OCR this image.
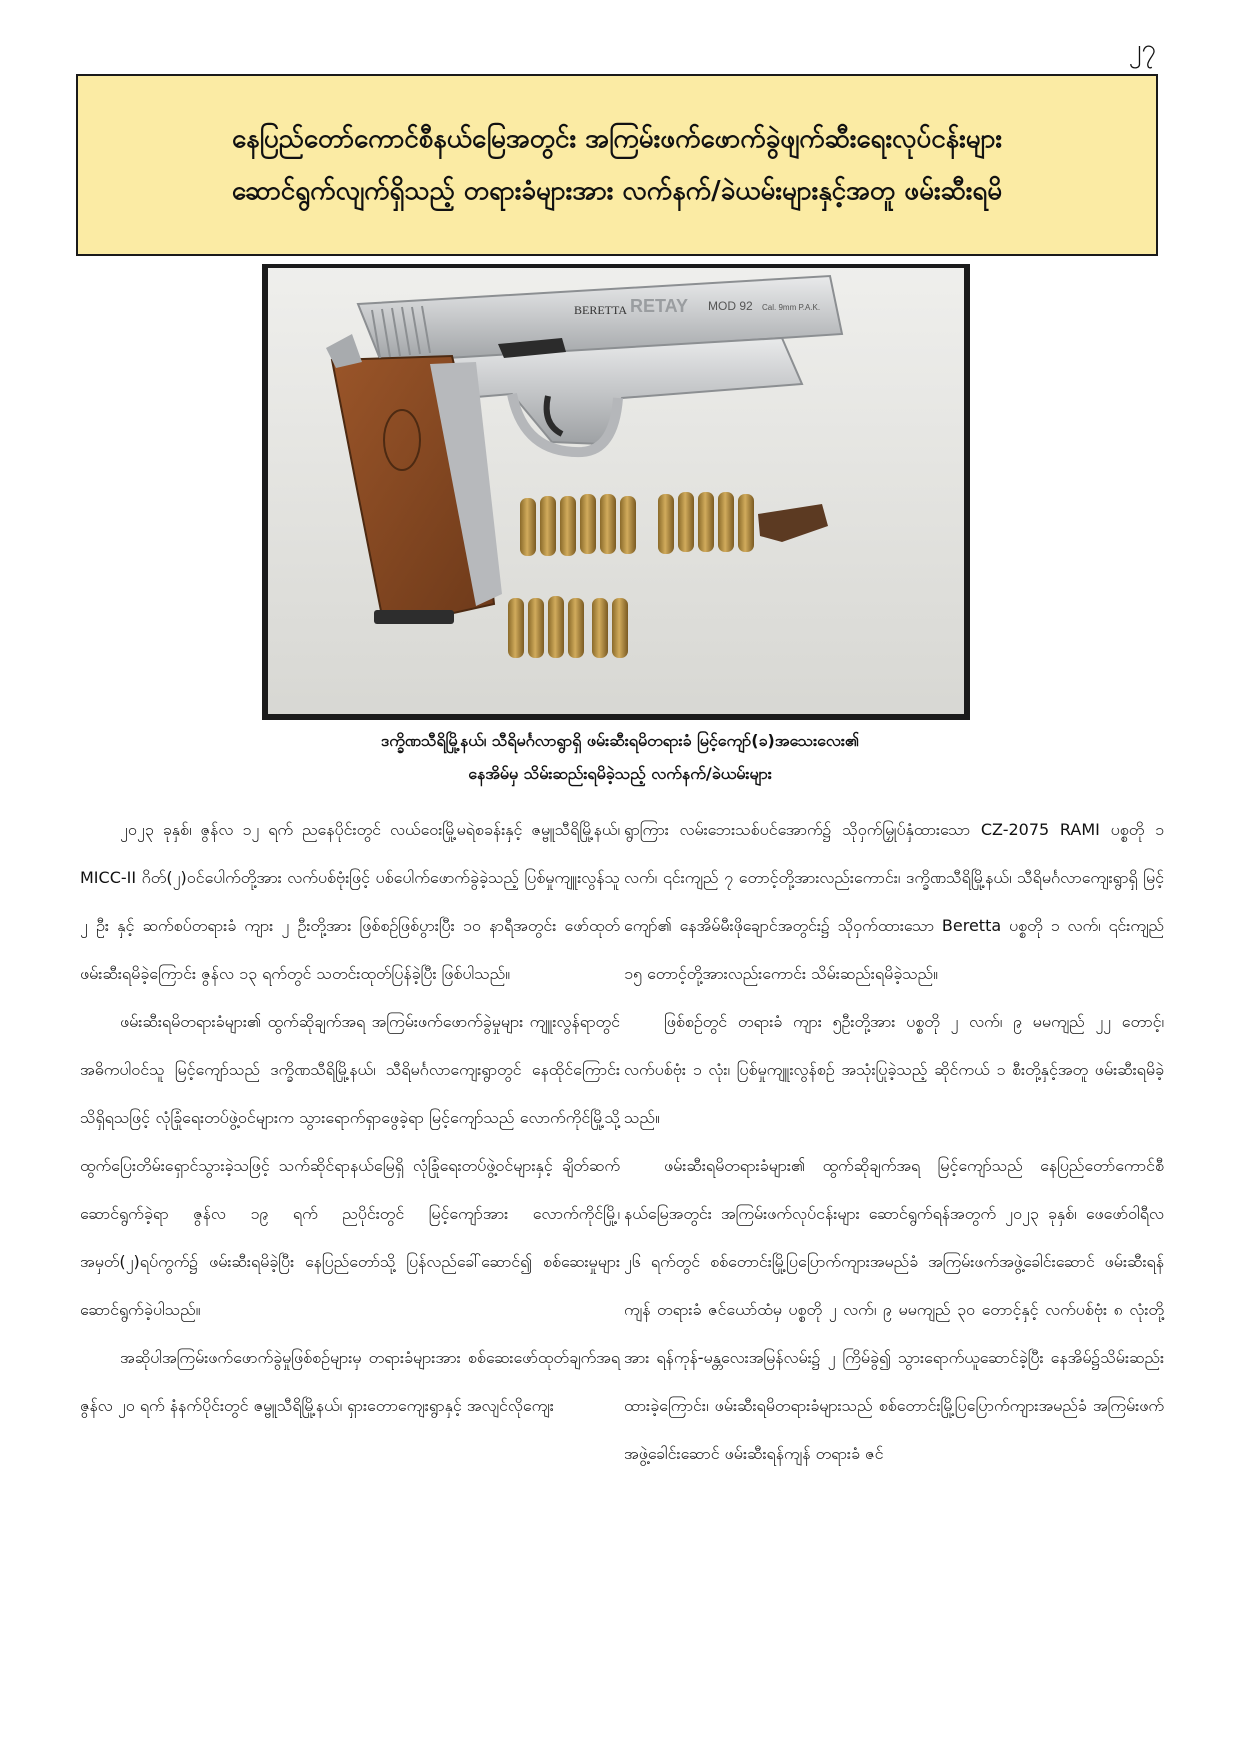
၂၇
နေပြည်တော်ကောင်စီနယ်မြေအတွင်း အကြမ်းဖက်ဖောက်ခွဲဖျက်ဆီးရေးလုပ်ငန်းများ
ဆောင်ရွက်လျက်ရှိသည့် တရားခံများအား လက်နက်/ခဲယမ်းများနှင့်အတူ ဖမ်းဆီးရမိ
BERETTA RETAY MOD 92 Cal. 9mm P.A.K.
ဒက္ခိဏသီရိမြို့နယ်၊ သီရိမင်္ဂလာရွာရှိ ဖမ်းဆီးရမိတရားခံ မြင့်ကျော်(ခ)အသေးလေး၏
နေအိမ်မှ သိမ်းဆည်းရမိခဲ့သည့် လက်နက်/ခဲယမ်းများ

၂၀၂၃ ခုနှစ်၊ ဇွန်လ ၁၂ ရက် ညနေပိုင်းတွင် လယ်ဝေးမြို့မရဲစခန်းနှင့် ဇမ္ဗူသီရိမြို့နယ်၊ MICC-II ဂိတ်(၂)ဝင်ပေါက်တို့အား လက်ပစ်ဗုံးဖြင့် ပစ်ပေါက်ဖောက်ခွဲခဲ့သည့် ပြစ်မှုကျူးလွန်သူ ၂ ဦး နှင့် ဆက်စပ်တရားခံ ကျား ၂ ဦးတို့အား ဖြစ်စဉ်ဖြစ်ပွားပြီး ၁၀ နာရီအတွင်း ဖော်ထုတ်ဖမ်းဆီးရမိခဲ့ကြောင်း ဇွန်လ ၁၃ ရက်တွင် သတင်းထုတ်ပြန်ခဲ့ပြီး ဖြစ်ပါသည်။

ဖမ်းဆီးရမိတရားခံများ၏ ထွက်ဆိုချက်အရ အကြမ်းဖက်ဖောက်ခွဲမှုများ ကျူးလွန်ရာတွင် အဓိကပါဝင်သူ မြင့်ကျော်သည် ဒက္ခိဏသီရိမြို့နယ်၊ သီရိမင်္ဂလာကျေးရွာတွင် နေထိုင်ကြောင်း သိရှိရသဖြင့် လုံခြုံရေးတပ်ဖွဲ့ဝင်များက သွားရောက်ရှာဖွေခဲ့ရာ မြင့်ကျော်သည် လောက်ကိုင်မြို့သို့ ထွက်ပြေးတိမ်းရှောင်သွားခဲ့သဖြင့် သက်ဆိုင်ရာနယ်မြေရှိ လုံခြုံရေးတပ်ဖွဲ့ဝင်များနှင့် ချိတ်ဆက်ဆောင်ရွက်ခဲ့ရာ ဇွန်လ ၁၉ ရက် ညပိုင်းတွင် မြင့်ကျော်အား လောက်ကိုင်မြို့၊ အမှတ်(၂)ရပ်ကွက်၌ ဖမ်းဆီးရမိခဲ့ပြီး နေပြည်တော်သို့ ပြန်လည်ခေါ်ဆောင်၍ စစ်ဆေးမှုများ ဆောင်ရွက်ခဲ့ပါသည်။

အဆိုပါအကြမ်းဖက်ဖောက်ခွဲမှုဖြစ်စဉ်များမှ တရားခံများအား စစ်ဆေးဖော်ထုတ်ချက်အရ ဇွန်လ ၂၀ ရက် နံနက်ပိုင်းတွင် ဇမ္ဗူသီရိမြို့နယ်၊ ရှားတောကျေးရွာနှင့် အလျင်လိုကျေး

ရွာကြား လမ်းဘေးသစ်ပင်အောက်၌ သိုဝှက်မြှုပ်နှံထားသော CZ-2075 RAMI ပစ္စတို ၁ လက်၊ ၎င်းကျည် ၇ တောင့်တို့အားလည်းကောင်း၊ ဒက္ခိဏသီရိမြို့နယ်၊ သီရိမင်္ဂလာကျေးရွာရှိ မြင့်ကျော်၏ နေအိမ်မီးဖိုချောင်အတွင်း၌ သိုဝှက်ထားသော Beretta ပစ္စတို ၁ လက်၊ ၎င်းကျည် ၁၅ တောင့်တို့အားလည်းကောင်း သိမ်းဆည်းရမိခဲ့သည်။

ဖြစ်စဉ်တွင် တရားခံ ကျား ၅ဦးတို့အား ပစ္စတို ၂ လက်၊ ၉ မမကျည် ၂၂ တောင့်၊ လက်ပစ်ဗုံး ၁ လုံး၊ ပြစ်မှုကျူးလွန်စဉ် အသုံးပြုခဲ့သည့် ဆိုင်ကယ် ၁ စီးတို့နှင့်အတူ ဖမ်းဆီးရမိခဲ့သည်။

ဖမ်းဆီးရမိတရားခံများ၏ ထွက်ဆိုချက်အရ မြင့်ကျော်သည် နေပြည်တော်ကောင်စီနယ်မြေအတွင်း အကြမ်းဖက်လုပ်ငန်းများ ဆောင်ရွက်ရန်အတွက် ၂၀၂၃ ခုနှစ်၊ ဖေဖော်ဝါရီလ ၂၆ ရက်တွင် စစ်တောင်းမြို့ပြပြောက်ကျားအမည်ခံ အကြမ်းဖက်အဖွဲ့ခေါင်းဆောင် ဖမ်းဆီးရန်ကျန် တရားခံ ဇင်ယော်ထံမှ ပစ္စတို ၂ လက်၊ ၉ မမကျည် ၃၀ တောင့်နှင့် လက်ပစ်ဗုံး ၈ လုံးတို့အား ရန်ကုန်-မန္တလေးအမြန်လမ်း၌ ၂ ကြိမ်ခွဲ၍ သွားရောက်ယူဆောင်ခဲ့ပြီး နေအိမ်၌သိမ်းဆည်းထားခဲ့ကြောင်း၊ ဖမ်းဆီးရမိတရားခံများသည် စစ်တောင်းမြို့ပြပြောက်ကျားအမည်ခံ အကြမ်းဖက်အဖွဲ့ခေါင်းဆောင် ဖမ်းဆီးရန်ကျန် တရားခံ ဇင်
